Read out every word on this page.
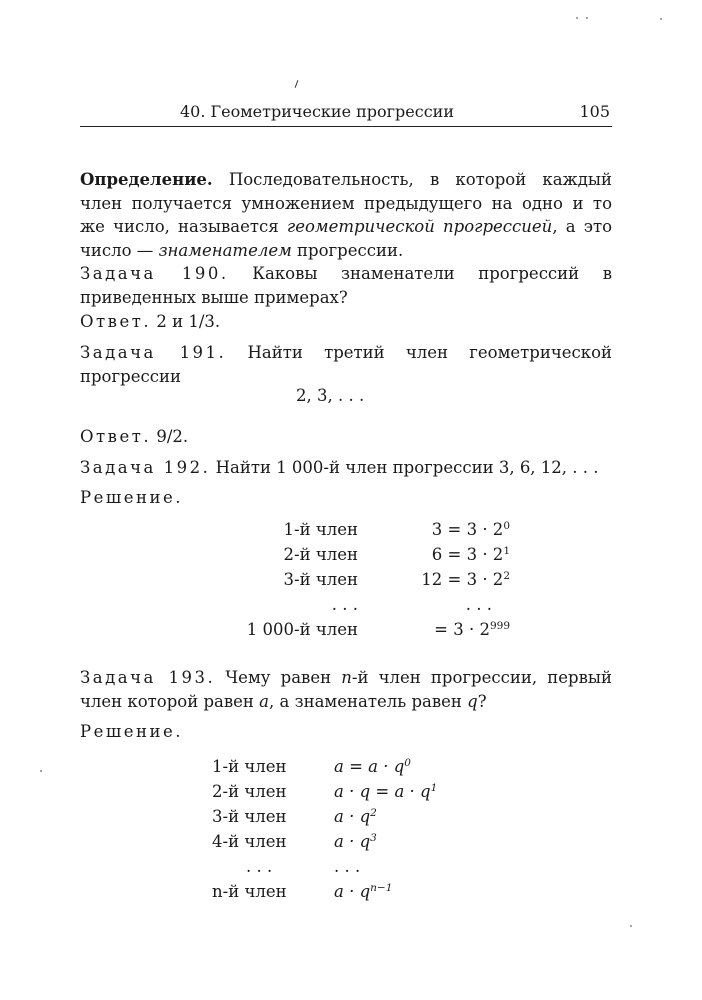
40. Геометрические прогрессии	105
Определение. Последовательность, в которой каждый член получается умножением предыдущего на одно и то же число, называется геометрической прогрессией, а это число — знаменателем прогрессии.
Задача 190. Каковы знаменатели прогрессий в приведенных выше примерах?
Ответ. 2 и 1/3.
Задача 191. Найти третий член геометрической прогрессии
2, 3, . . .
Ответ. 9/2.
Задача 192. Найти 1 000-й член прогрессии 3, 6, 12, . . .
Решение.
1-й член	$3 = 3 \cdot 2^0$
2-й член	$6 = 3 \cdot 2^1$
3-й член	$12 = 3 \cdot 2^2$
. . .	. . .
1 000-й член	= $3 \cdot 2^{999}$
Задача 193. Чему равен n-й член прогрессии, первый член которой равен a, а знаменатель равен q?
Решение.
1-й член	$a = a \cdot q^0$
2-й член	$a \cdot q = a \cdot q^1$
3-й член	$a \cdot q^2$
4-й член	$a \cdot q^3$
. . .	. . .
n-й член	$a \cdot q^{n-1}$
